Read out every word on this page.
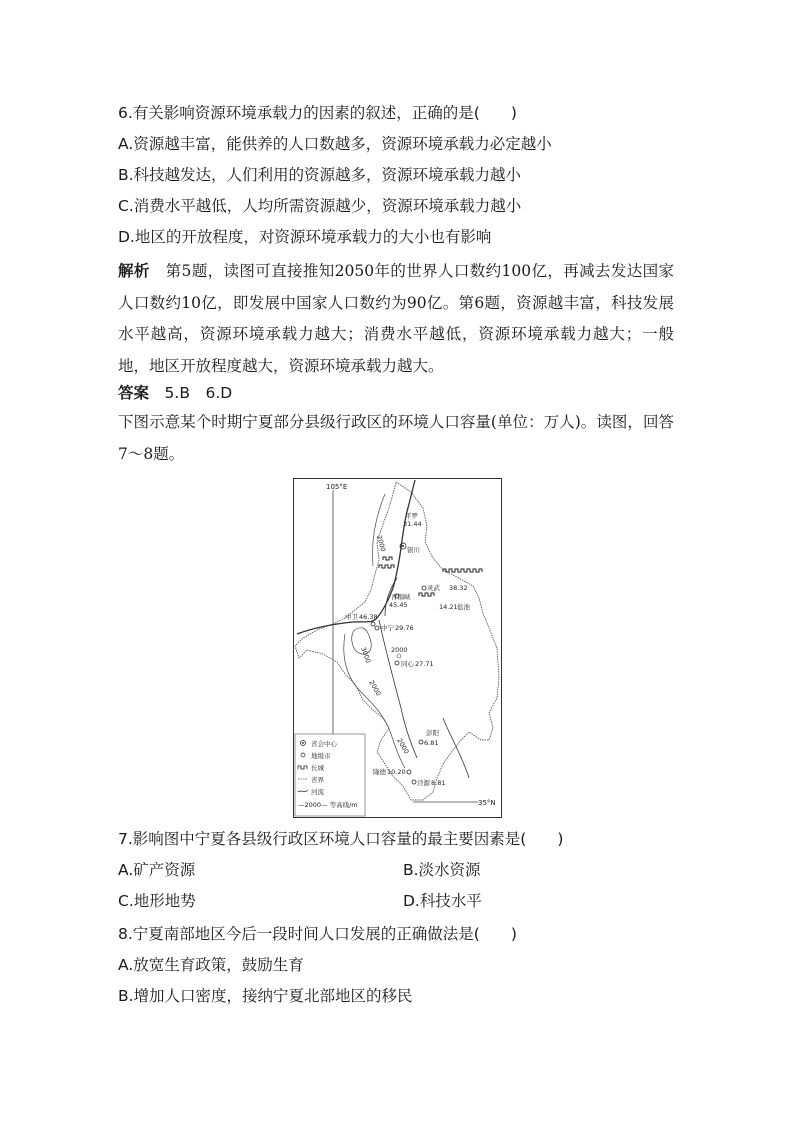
6.有关影响资源环境承载力的因素的叙述，正确的是(　　)
A.资源越丰富，能供养的人口数越多，资源环境承载力必定越小
B.科技越发达，人们利用的资源越多，资源环境承载力越小
C.消费水平越低，人均所需资源越少，资源环境承载力越小
D.地区的开放程度，对资源环境承载力的大小也有影响
解析　第5题，读图可直接推知2050年的世界人口数约100亿，再减去发达国家人口数约10亿，即发展中国家人口数约为90亿。第6题，资源越丰富，科技发展水平越高，资源环境承载力越大；消费水平越低，资源环境承载力越大；一般地，地区开放程度越大，资源环境承载力越大。
答案　 5.B　6.D
下图示意某个时期宁夏部分县级行政区的环境人口容量(单位：万人)。读图，回答7～8题。
105°E
35°N
3000
2000
2000
2000
2000
平罗
31.44
银川
灵武 38.32
青铜峡
45.45	14.21 盐池
中卫 46.38
中宁 29.76
同心 27.71
彭阳
6.81
隆德 10.20
泾源 8.81
省会中心
地级市
长城
省界
河流
—2000— 等高线/m
7.影响图中宁夏各县级行政区环境人口容量的最主要因素是(　　)
A.矿产资源	B.淡水资源
C.地形地势	D.科技水平
8.宁夏南部地区今后一段时间人口发展的正确做法是(　　)
A.放宽生育政策，鼓励生育
B.增加人口密度，接纳宁夏北部地区的移民
